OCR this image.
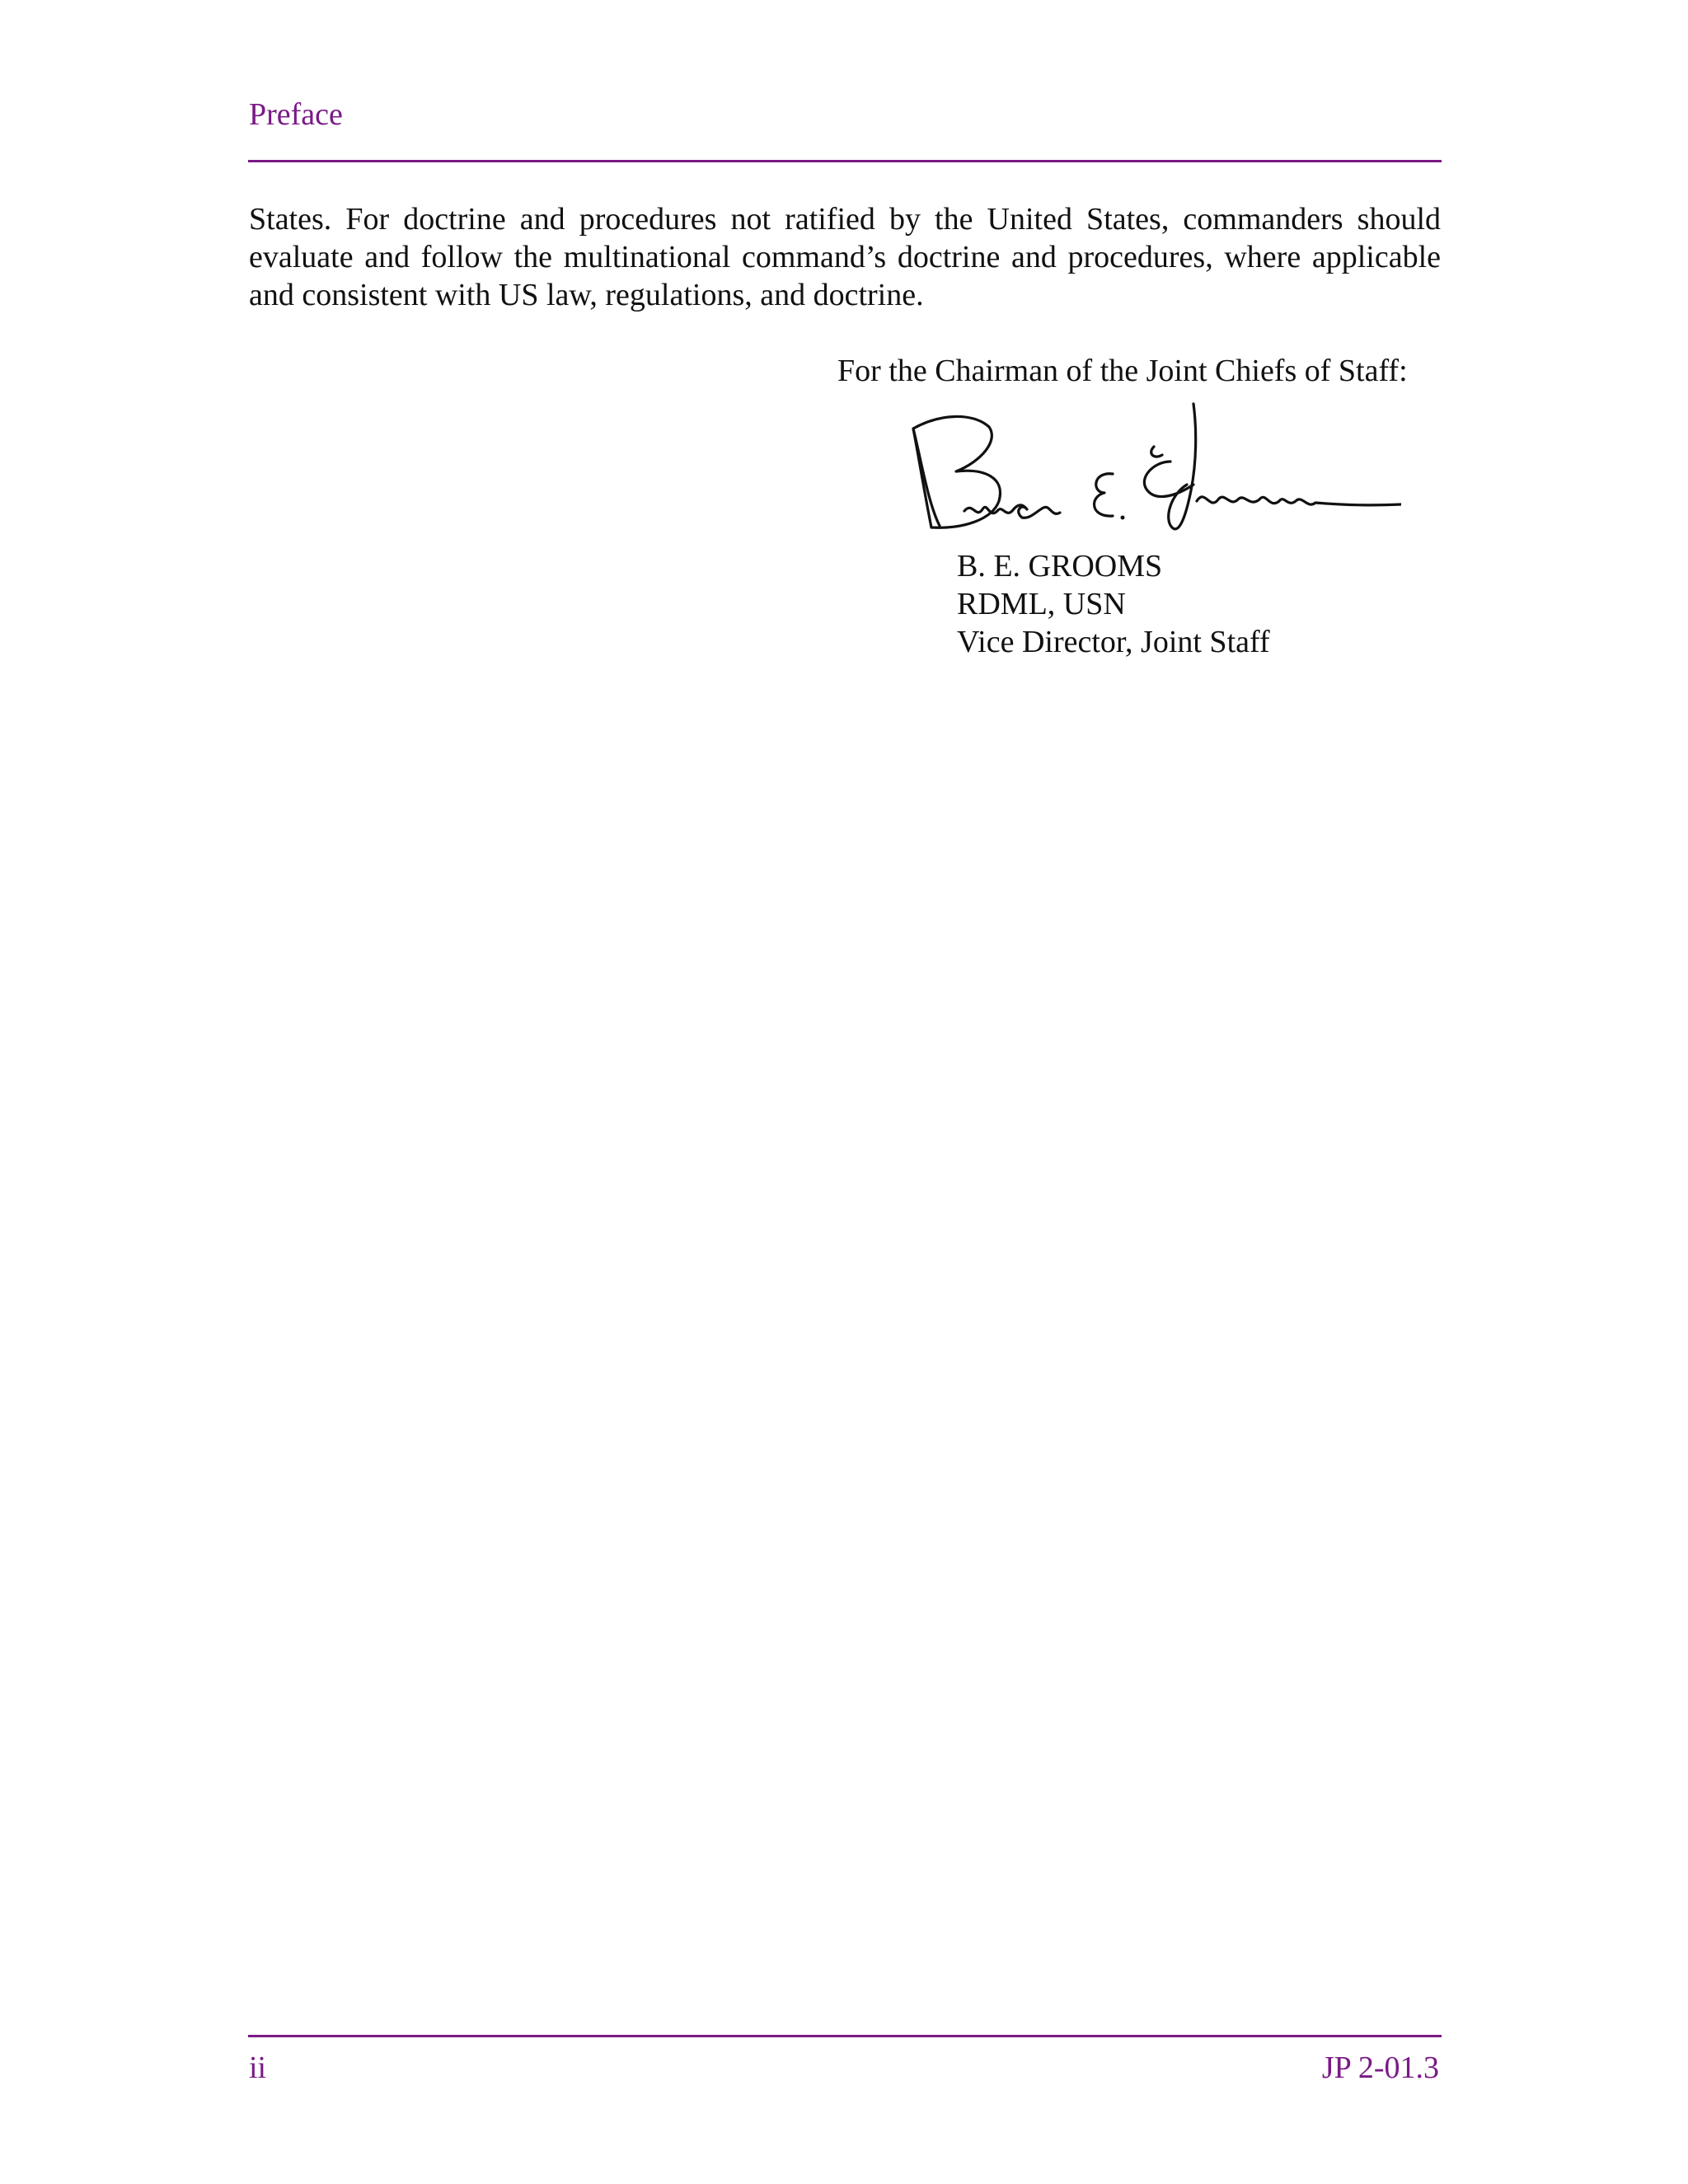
Preface
States. For doctrine and procedures not ratified by the United States, commanders should evaluate and follow the multinational command’s doctrine and procedures, where applicable and consistent with US law, regulations, and doctrine.
For the Chairman of the Joint Chiefs of Staff:
B. E. GROOMS
RDML, USN
Vice Director, Joint Staff
ii	JP 2-01.3
